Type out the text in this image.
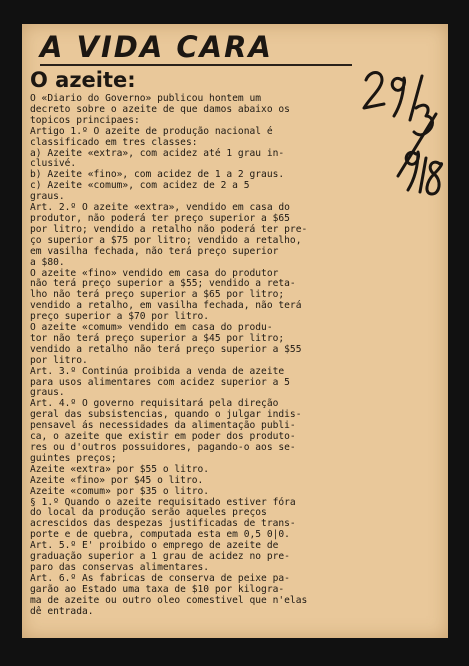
A VIDA CARA
O azeite:

O «Diario do Governo» publicou hontem um

decreto sobre o azeite de que damos abaixo os

topicos principaes:

Artigo 1.º O azeite de produção nacional é

classificado em tres classes:

a) Azeite «extra», com acidez até 1 grau in-

clusivé.

b) Azeite «fino», com acidez de 1 a 2 graus.

c) Azeite «comum», com acidez de 2 a 5

graus.

Art. 2.º O azeite «extra», vendido em casa do

produtor, não poderá ter preço superior a $65

por litro; vendido a retalho não poderá ter pre-

ço superior a $75 por litro; vendido a retalho,

em vasilha fechada, não terá preço superior

a $80.

O azeite «fino» vendido em casa do produtor

não terá preço superior a $55; vendido a reta-

lho não terá preço superior a $65 por litro;

vendido a retalho, em vasilha fechada, não terá

preço superior a $70 por litro.

O azeite «comum» vendido em casa do produ-

tor não terá preço superior a $45 por litro;

vendido a retalho não terá preço superior a $55

por litro.

Art. 3.º Continúa proibida a venda de azeite

para usos alimentares com acidez superior a 5

graus.

Art. 4.º O governo requisitará pela direção

geral das subsistencias, quando o julgar indis-

pensavel ás necessidades da alimentação publi-

ca, o azeite que existir em poder dos produto-

res ou d'outros possuidores, pagando-o aos se-

guintes preços;

Azeite «extra» por $55 o litro.

Azeite «fino» por $45 o litro.

Azeite «comum» por $35 o litro.

§ 1.º Quando o azeite requisitado estiver fóra

do local da produção serão aqueles preços

acrescidos das despezas justificadas de trans-

porte e de quebra, computada esta em 0,5 0|0.

Art. 5.º E' proibido o emprego de azeite de

graduação superior a 1 grau de acidez no pre-

paro das conservas alimentares.

Art. 6.º As fabricas de conserva de peixe pa-

garão ao Estado uma taxa de $10 por kilogra-

ma de azeite ou outro oleo comestivel que n'elas

dê entrada.
